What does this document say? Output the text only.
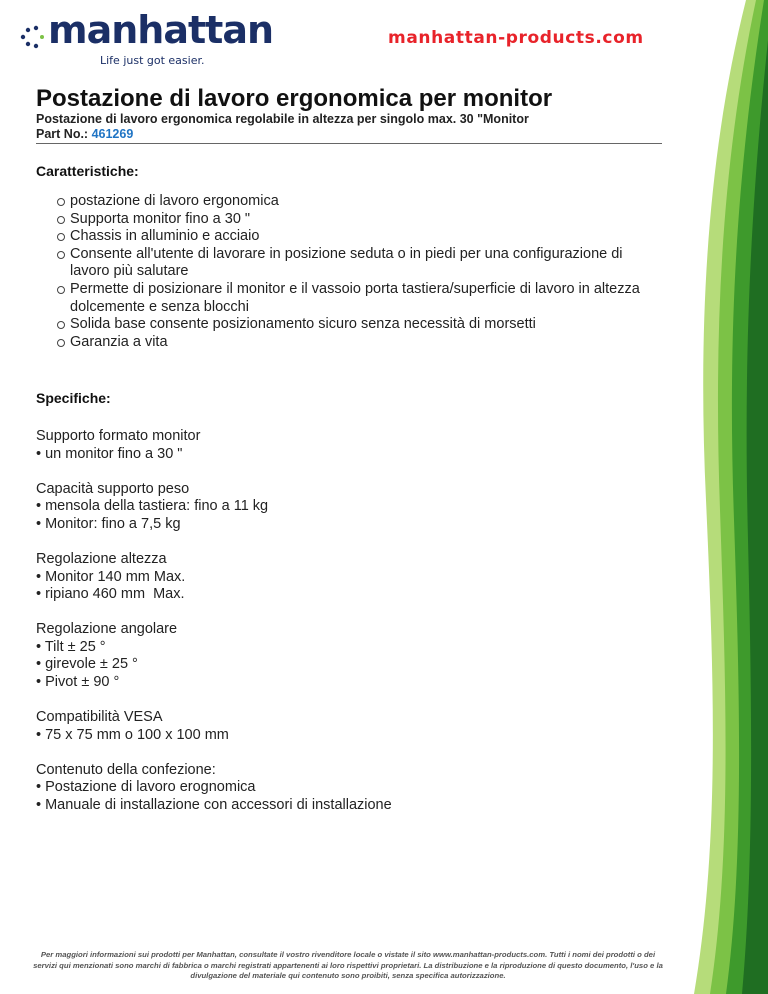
manhattan
Life just got easier.
manhattan-products.com
Postazione di lavoro ergonomica per monitor
Postazione di lavoro ergonomica regolabile in altezza per singolo max. 30 "Monitor
Part No.: 461269
Caratteristiche:
postazione di lavoro ergonomica
Supporta monitor fino a 30 "
Chassis in alluminio e acciaio
Consente all'utente di lavorare in posizione seduta o in piedi per una configurazione di lavoro più salutare
Permette di posizionare il monitor e il vassoio porta tastiera/superficie di lavoro in altezza dolcemente e senza blocchi
Solida base consente posizionamento sicuro senza necessità di morsetti
Garanzia a vita
Specifiche:
Supporto formato monitor
• un monitor fino a 30 "
Capacità supporto peso
• mensola della tastiera: fino a 11 kg
• Monitor: fino a 7,5 kg
Regolazione altezza
• Monitor 140 mm Max.
• ripiano 460 mm  Max.
Regolazione angolare
• Tilt ± 25 °
• girevole ± 25 °
• Pivot ± 90 °
Compatibilità VESA
• 75 x 75 mm o 100 x 100 mm
Contenuto della confezione:
• Postazione di lavoro erognomica
• Manuale di installazione con accessori di installazione
Per maggiori informazioni sui prodotti per Manhattan, consultate il vostro rivenditore locale o vistate il sito www.manhattan-products.com. Tutti i nomi dei prodotti o dei servizi qui menzionati sono marchi di fabbrica o marchi registrati appartenenti ai loro rispettivi proprietari. La distribuzione e la riproduzione di questo documento, l'uso e la divulgazione del materiale qui contenuto sono proibiti, senza specifica autorizzazione.
